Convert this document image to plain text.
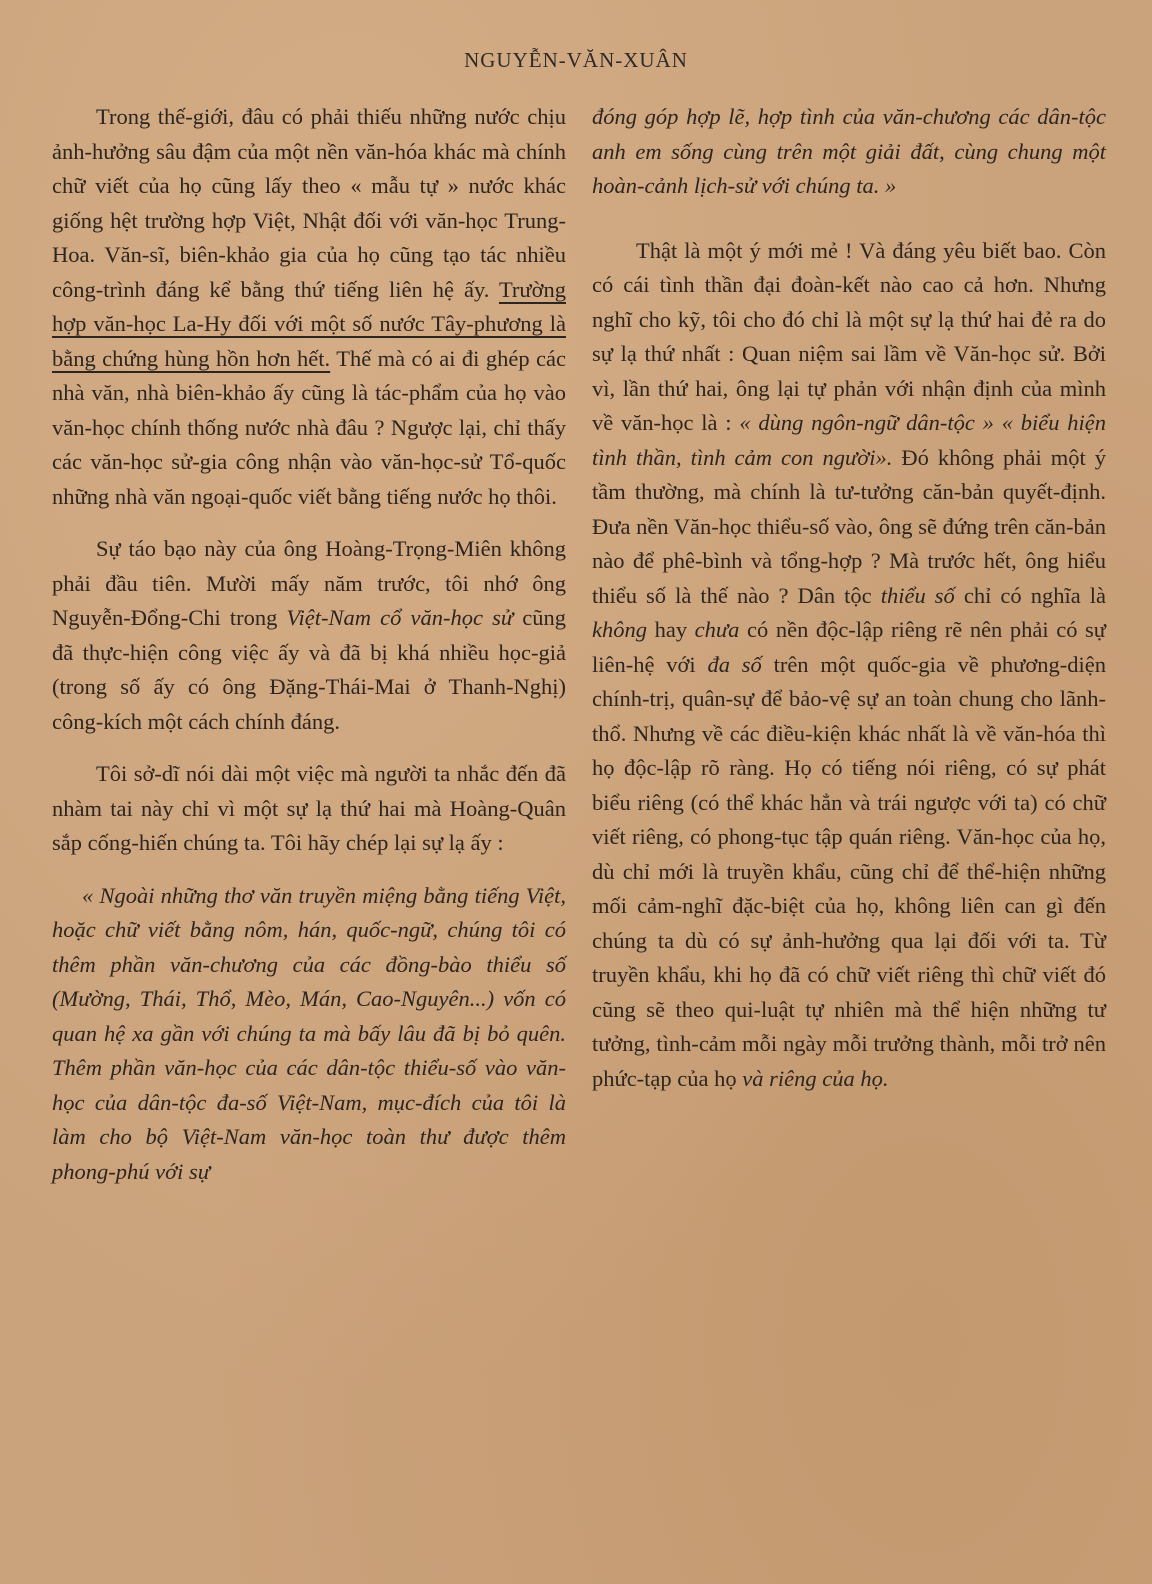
NGUYỄN-VĂN-XUÂN

Trong thế-giới, đâu có phải thiếu những nước chịu ảnh-hưởng sâu đậm của một nền văn-hóa khác mà chính chữ viết của họ cũng lấy theo « mẫu tự » nước khác giống hệt trường hợp Việt, Nhật đối với văn-học Trung-Hoa. Văn-sĩ, biên-khảo gia của họ cũng tạo tác nhiều công-trình đáng kể bằng thứ tiếng liên hệ ấy. Trường hợp văn-học La-Hy đối với một số nước Tây-phương là bằng chứng hùng hồn hơn hết. Thế mà có ai đi ghép các nhà văn, nhà biên-khảo ấy cũng là tác-phẩm của họ vào văn-học chính thống nước nhà đâu ? Ngược lại, chỉ thấy các văn-học sử-gia công nhận vào văn-học-sử Tổ-quốc những nhà văn ngoại-quốc viết bằng tiếng nước họ thôi.

Sự táo bạo này của ông Hoàng-Trọng-Miên không phải đầu tiên. Mười mấy năm trước, tôi nhớ ông Nguyễn-Đổng-Chi trong Việt-Nam cổ văn-học sử cũng đã thực-hiện công việc ấy và đã bị khá nhiều học-giả (trong số ấy có ông Đặng-Thái-Mai ở Thanh-Nghị) công-kích một cách chính đáng.

Tôi sở-dĩ nói dài một việc mà người ta nhắc đến đã nhàm tai này chỉ vì một sự lạ thứ hai mà Hoàng-Quân sắp cống-hiến chúng ta. Tôi hãy chép lại sự lạ ấy :

« Ngoài những thơ văn truyền miệng bằng tiếng Việt, hoặc chữ viết bằng nôm, hán, quốc-ngữ, chúng tôi có thêm phần văn-chương của các đồng-bào thiểu số (Mường, Thái, Thổ, Mèo, Mán, Cao-Nguyên...) vốn có quan hệ xa gần với chúng ta mà bấy lâu đã bị bỏ quên. Thêm phần văn-học của các dân-tộc thiểu-số vào văn-học của dân-tộc đa-số Việt-Nam, mục-đích của tôi là làm cho bộ Việt-Nam văn-học toàn thư được thêm phong-phú với sự

đóng góp hợp lẽ, hợp tình của văn-chương các dân-tộc anh em sống cùng trên một giải đất, cùng chung một hoàn-cảnh lịch-sử với chúng ta. »

Thật là một ý mới mẻ ! Và đáng yêu biết bao. Còn có cái tình thần đại đoàn-kết nào cao cả hơn. Nhưng nghĩ cho kỹ, tôi cho đó chỉ là một sự lạ thứ hai đẻ ra do sự lạ thứ nhất : Quan niệm sai lầm về Văn-học sử. Bởi vì, lần thứ hai, ông lại tự phản với nhận định của mình về văn-học là : « dùng ngôn-ngữ dân-tộc » « biểu hiện tình thần, tình cảm con người». Đó không phải một ý tầm thường, mà chính là tư-tưởng căn-bản quyết-định. Đưa nền Văn-học thiểu-số vào, ông sẽ đứng trên căn-bản nào để phê-bình và tổng-hợp ? Mà trước hết, ông hiểu thiểu số là thế nào ? Dân tộc thiểu số chỉ có nghĩa là không hay chưa có nền độc-lập riêng rẽ nên phải có sự liên-hệ với đa số trên một quốc-gia về phương-diện chính-trị, quân-sự để bảo-vệ sự an toàn chung cho lãnh-thổ. Nhưng về các điều-kiện khác nhất là về văn-hóa thì họ độc-lập rõ ràng. Họ có tiếng nói riêng, có sự phát biểu riêng (có thể khác hẳn và trái ngược với ta) có chữ viết riêng, có phong-tục tập quán riêng. Văn-học của họ, dù chỉ mới là truyền khẩu, cũng chỉ để thể-hiện những mối cảm-nghĩ đặc-biệt của họ, không liên can gì đến chúng ta dù có sự ảnh-hưởng qua lại đối với ta. Từ truyền khẩu, khi họ đã có chữ viết riêng thì chữ viết đó cũng sẽ theo qui-luật tự nhiên mà thể hiện những tư tưởng, tình-cảm mỗi ngày mỗi trưởng thành, mỗi trở nên phức-tạp của họ và riêng của họ.
